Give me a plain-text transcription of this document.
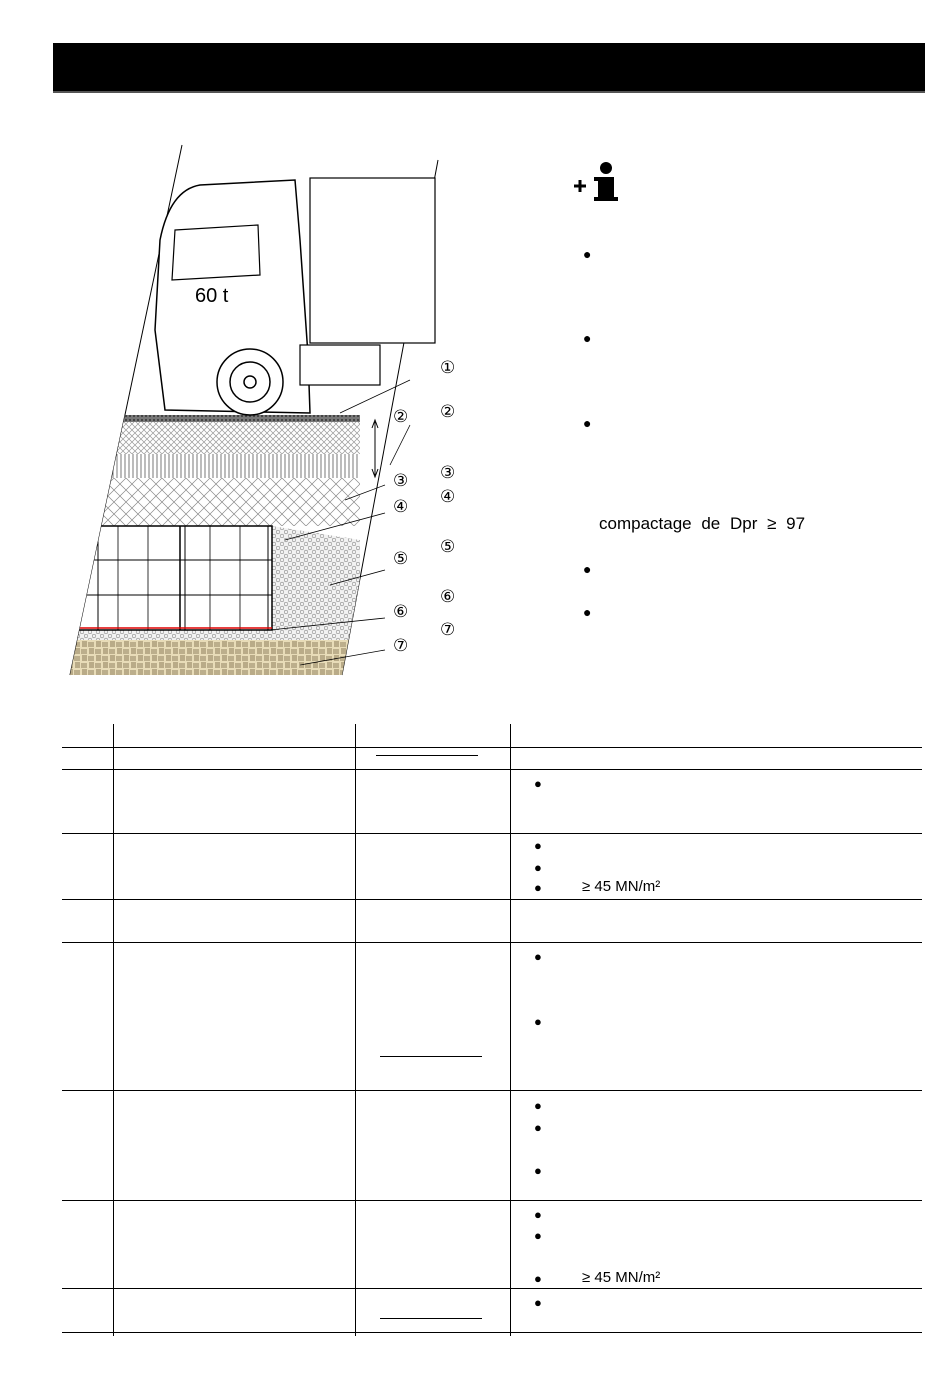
60 t
②
③
④
⑤
⑥
⑦
①
②
③
④
⑤
⑥
⑦
●
●
●
compactage de Dpr ≥ 97
●
●
●
●
●
●	≥ 45 MN/m²
●
●
●
●
●
●
●
●	≥ 45 MN/m²
●
